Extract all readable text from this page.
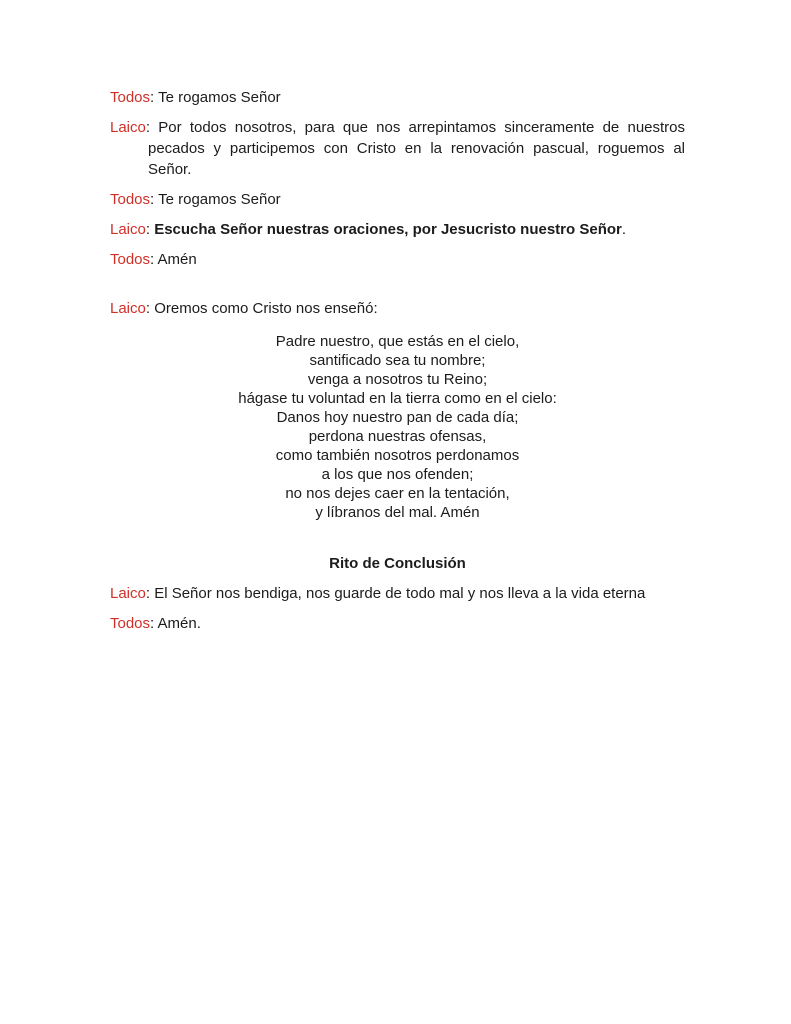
Todos: Te rogamos Señor

Laico: Por todos nosotros, para que nos arrepintamos sinceramente de nuestros pecados y participemos con Cristo en la renovación pascual, roguemos al Señor.

Todos: Te rogamos Señor

Laico: Escucha Señor nuestras oraciones, por Jesucristo nuestro Señor.

Todos: Amén

Laico: Oremos como Cristo nos enseñó:

Padre nuestro, que estás en el cielo,
santificado sea tu nombre;
venga a nosotros tu Reino;
hágase tu voluntad en la tierra como en el cielo:
Danos hoy nuestro pan de cada día;
perdona nuestras ofensas,
como también nosotros perdonamos
a los que nos ofenden;
no nos dejes caer en la tentación,
y líbranos del mal. Amén
Rito de Conclusión

Laico: El Señor nos bendiga, nos guarde de todo mal y nos lleva a la vida eterna

Todos: Amén.
